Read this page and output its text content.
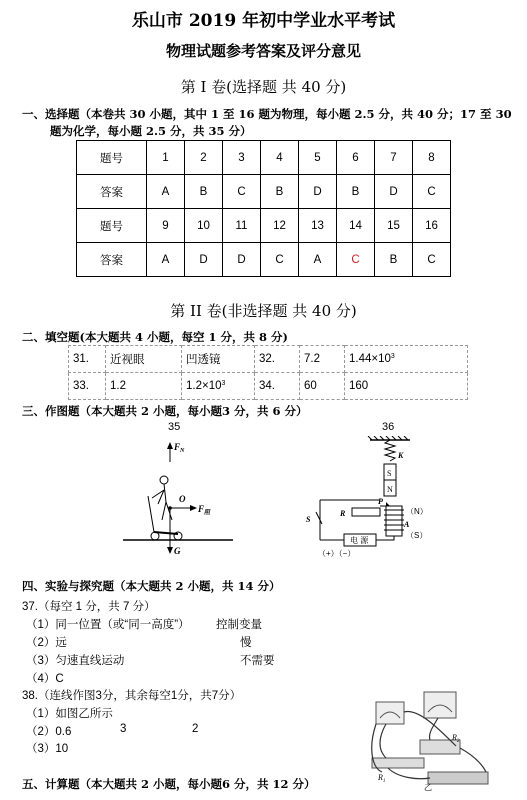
乐山市 2019 年初中学业水平考试
物理试题参考答案及评分意见
第 I 卷(选择题 共 40 分)
一、选择题（本卷共 30 小题，其中 1 至 16 题为物理，每小题 2.5 分，共 40 分；17 至 30
题为化学，每小题 2.5 分，共 35 分）
题号	1	2	3	4	5	6	7	8
答案	A	B	C	B	D	B	D	C
题号	9	10	11	12	13	14	15	16
答案	A	D	D	C	A	C	B	C
第 II 卷(非选择题 共 40 分)
二、填空题(本大题共 4 小题，每空 1 分，共 8 分)
31.	近视眼	凹透镜	32.	7.2	$1.44\times 10^3$
33.	1.2	$1.2\times 10^3$	34.	60	160
三、作图题（本大题共 2 小题，每小题3 分，共 6 分）
35
$F_N$
O
$F_阻$
G
36
K
S
N
P
R	（N）
A
（S）
S
电 源
（+）（−）
四、实验与探究题（本大题共 2 小题，共 14 分）
37.（每空 1 分，共 7 分）
（1）同一位置（或“同一高度”） 控制变量
（2）远	慢
（3）匀速直线运动	不需要
（4）C
38.（连线作图3分，其余每空1分，共7分）
（1）如图乙所示
（2）0.6	3	2
（3）10
$R_2$
$R_1$
乙
五、计算题（本大题共 2 小题，每小题6 分，共 12 分）
